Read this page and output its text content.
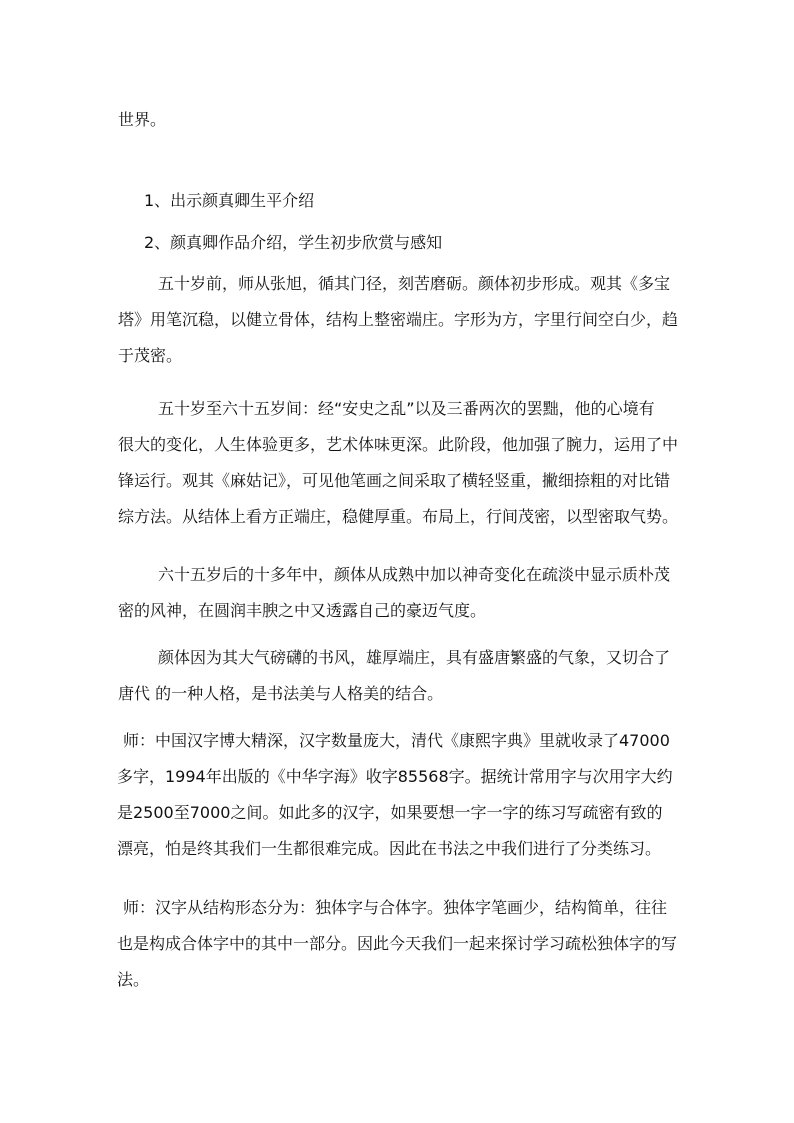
世界。

1、出示颜真卿生平介绍

2、颜真卿作品介绍，学生初步欣赏与感知

五十岁前，师从张旭，循其门径，刻苦磨砺。颜体初步形成。观其《多宝
塔》用笔沉稳，以健立骨体，结构上整密端庄。字形为方，字里行间空白少，趋
于茂密。

五十岁至六十五岁间：经“安史之乱”以及三番两次的罢黜，他的心境有
很大的变化，人生体验更多，艺术体味更深。此阶段，他加强了腕力，运用了中
锋运行。观其《麻姑记》，可见他笔画之间采取了横轻竖重，撇细捺粗的对比错
综方法。从结体上看方正端庄，稳健厚重。布局上，行间茂密，以型密取气势。

六十五岁后的十多年中，颜体从成熟中加以神奇变化在疏淡中显示质朴茂
密的风神，在圆润丰腴之中又透露自己的豪迈气度。

颜体因为其大气磅礴的书风，雄厚端庄，具有盛唐繁盛的气象，又切合了
唐代 的一种人格，是书法美与人格美的结合。

师：中国汉字博大精深，汉字数量庞大，清代《康熙字典》里就收录了47000
多字，1994年出版的《中华字海》收字85568字。据统计常用字与次用字大约
是2500至7000之间。如此多的汉字，如果要想一字一字的练习写疏密有致的
漂亮，怕是终其我们一生都很难完成。因此在书法之中我们进行了分类练习。

师：汉字从结构形态分为：独体字与合体字。独体字笔画少，结构简单，往往
也是构成合体字中的其中一部分。因此今天我们一起来探讨学习疏松独体字的写
法。
